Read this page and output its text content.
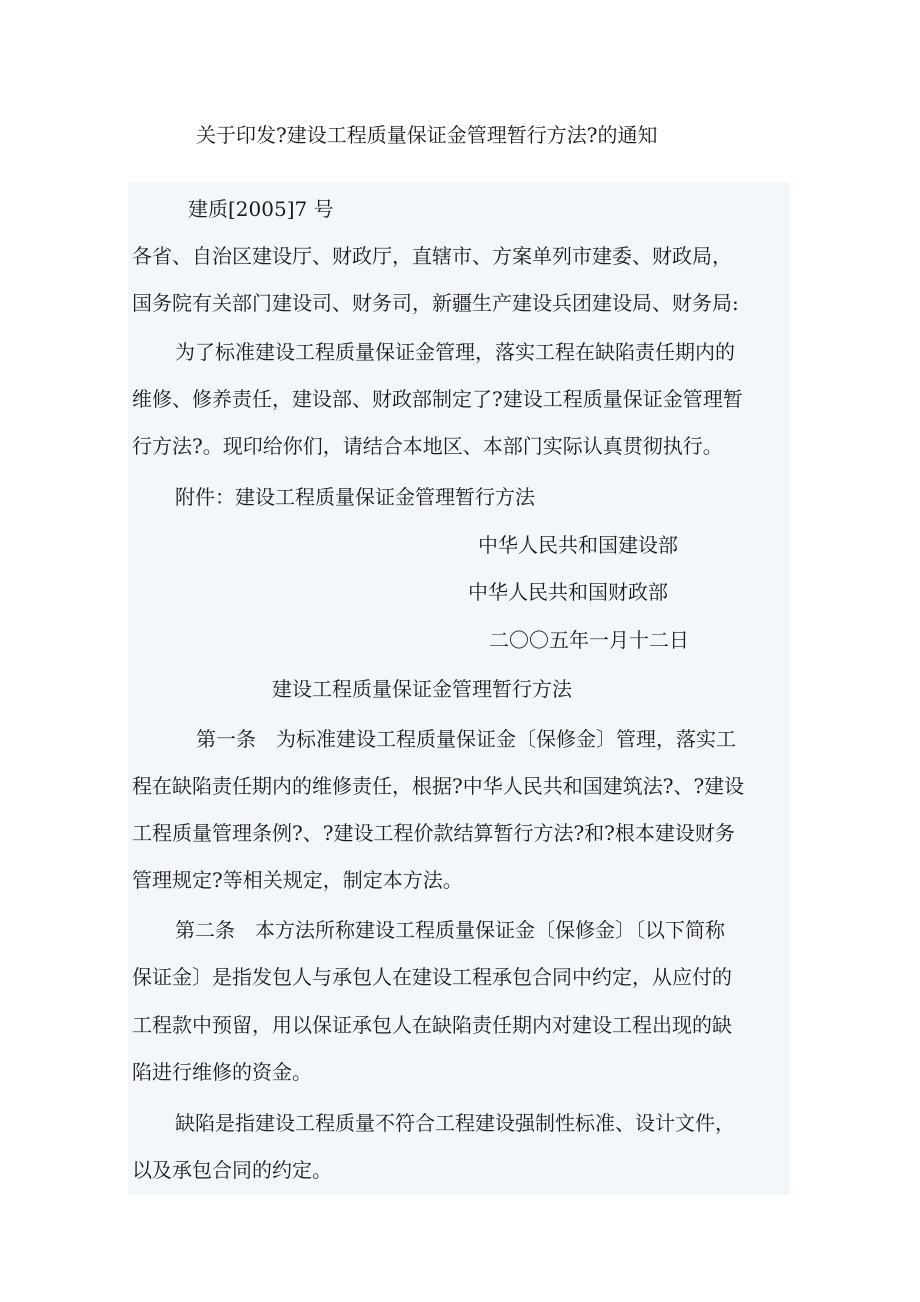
关于印发?建设工程质量保证金管理暂行方法?的通知
建质[2005]7 号
各省、自治区建设厅、财政厅，直辖市、方案单列市建委、财政局，
国务院有关部门建设司、财务司，新疆生产建设兵团建设局、财务局:
为了标准建设工程质量保证金管理，落实工程在缺陷责任期内的
维修、修养责任，建设部、财政部制定了?建设工程质量保证金管理暂
行方法?。现印给你们，请结合本地区、本部门实际认真贯彻执行。
附件：建设工程质量保证金管理暂行方法
中华人民共和国建设部
中华人民共和国财政部
二〇〇五年一月十二日
建设工程质量保证金管理暂行方法
第一条　为标准建设工程质量保证金〔保修金〕管理，落实工
程在缺陷责任期内的维修责任，根据?中华人民共和国建筑法?、?建设
工程质量管理条例?、?建设工程价款结算暂行方法?和?根本建设财务
管理规定?等相关规定，制定本方法。
第二条　本方法所称建设工程质量保证金〔保修金〕〔以下简称
保证金〕是指发包人与承包人在建设工程承包合同中约定，从应付的
工程款中预留，用以保证承包人在缺陷责任期内对建设工程出现的缺
陷进行维修的资金。
缺陷是指建设工程质量不符合工程建设强制性标准、设计文件，
以及承包合同的约定。
